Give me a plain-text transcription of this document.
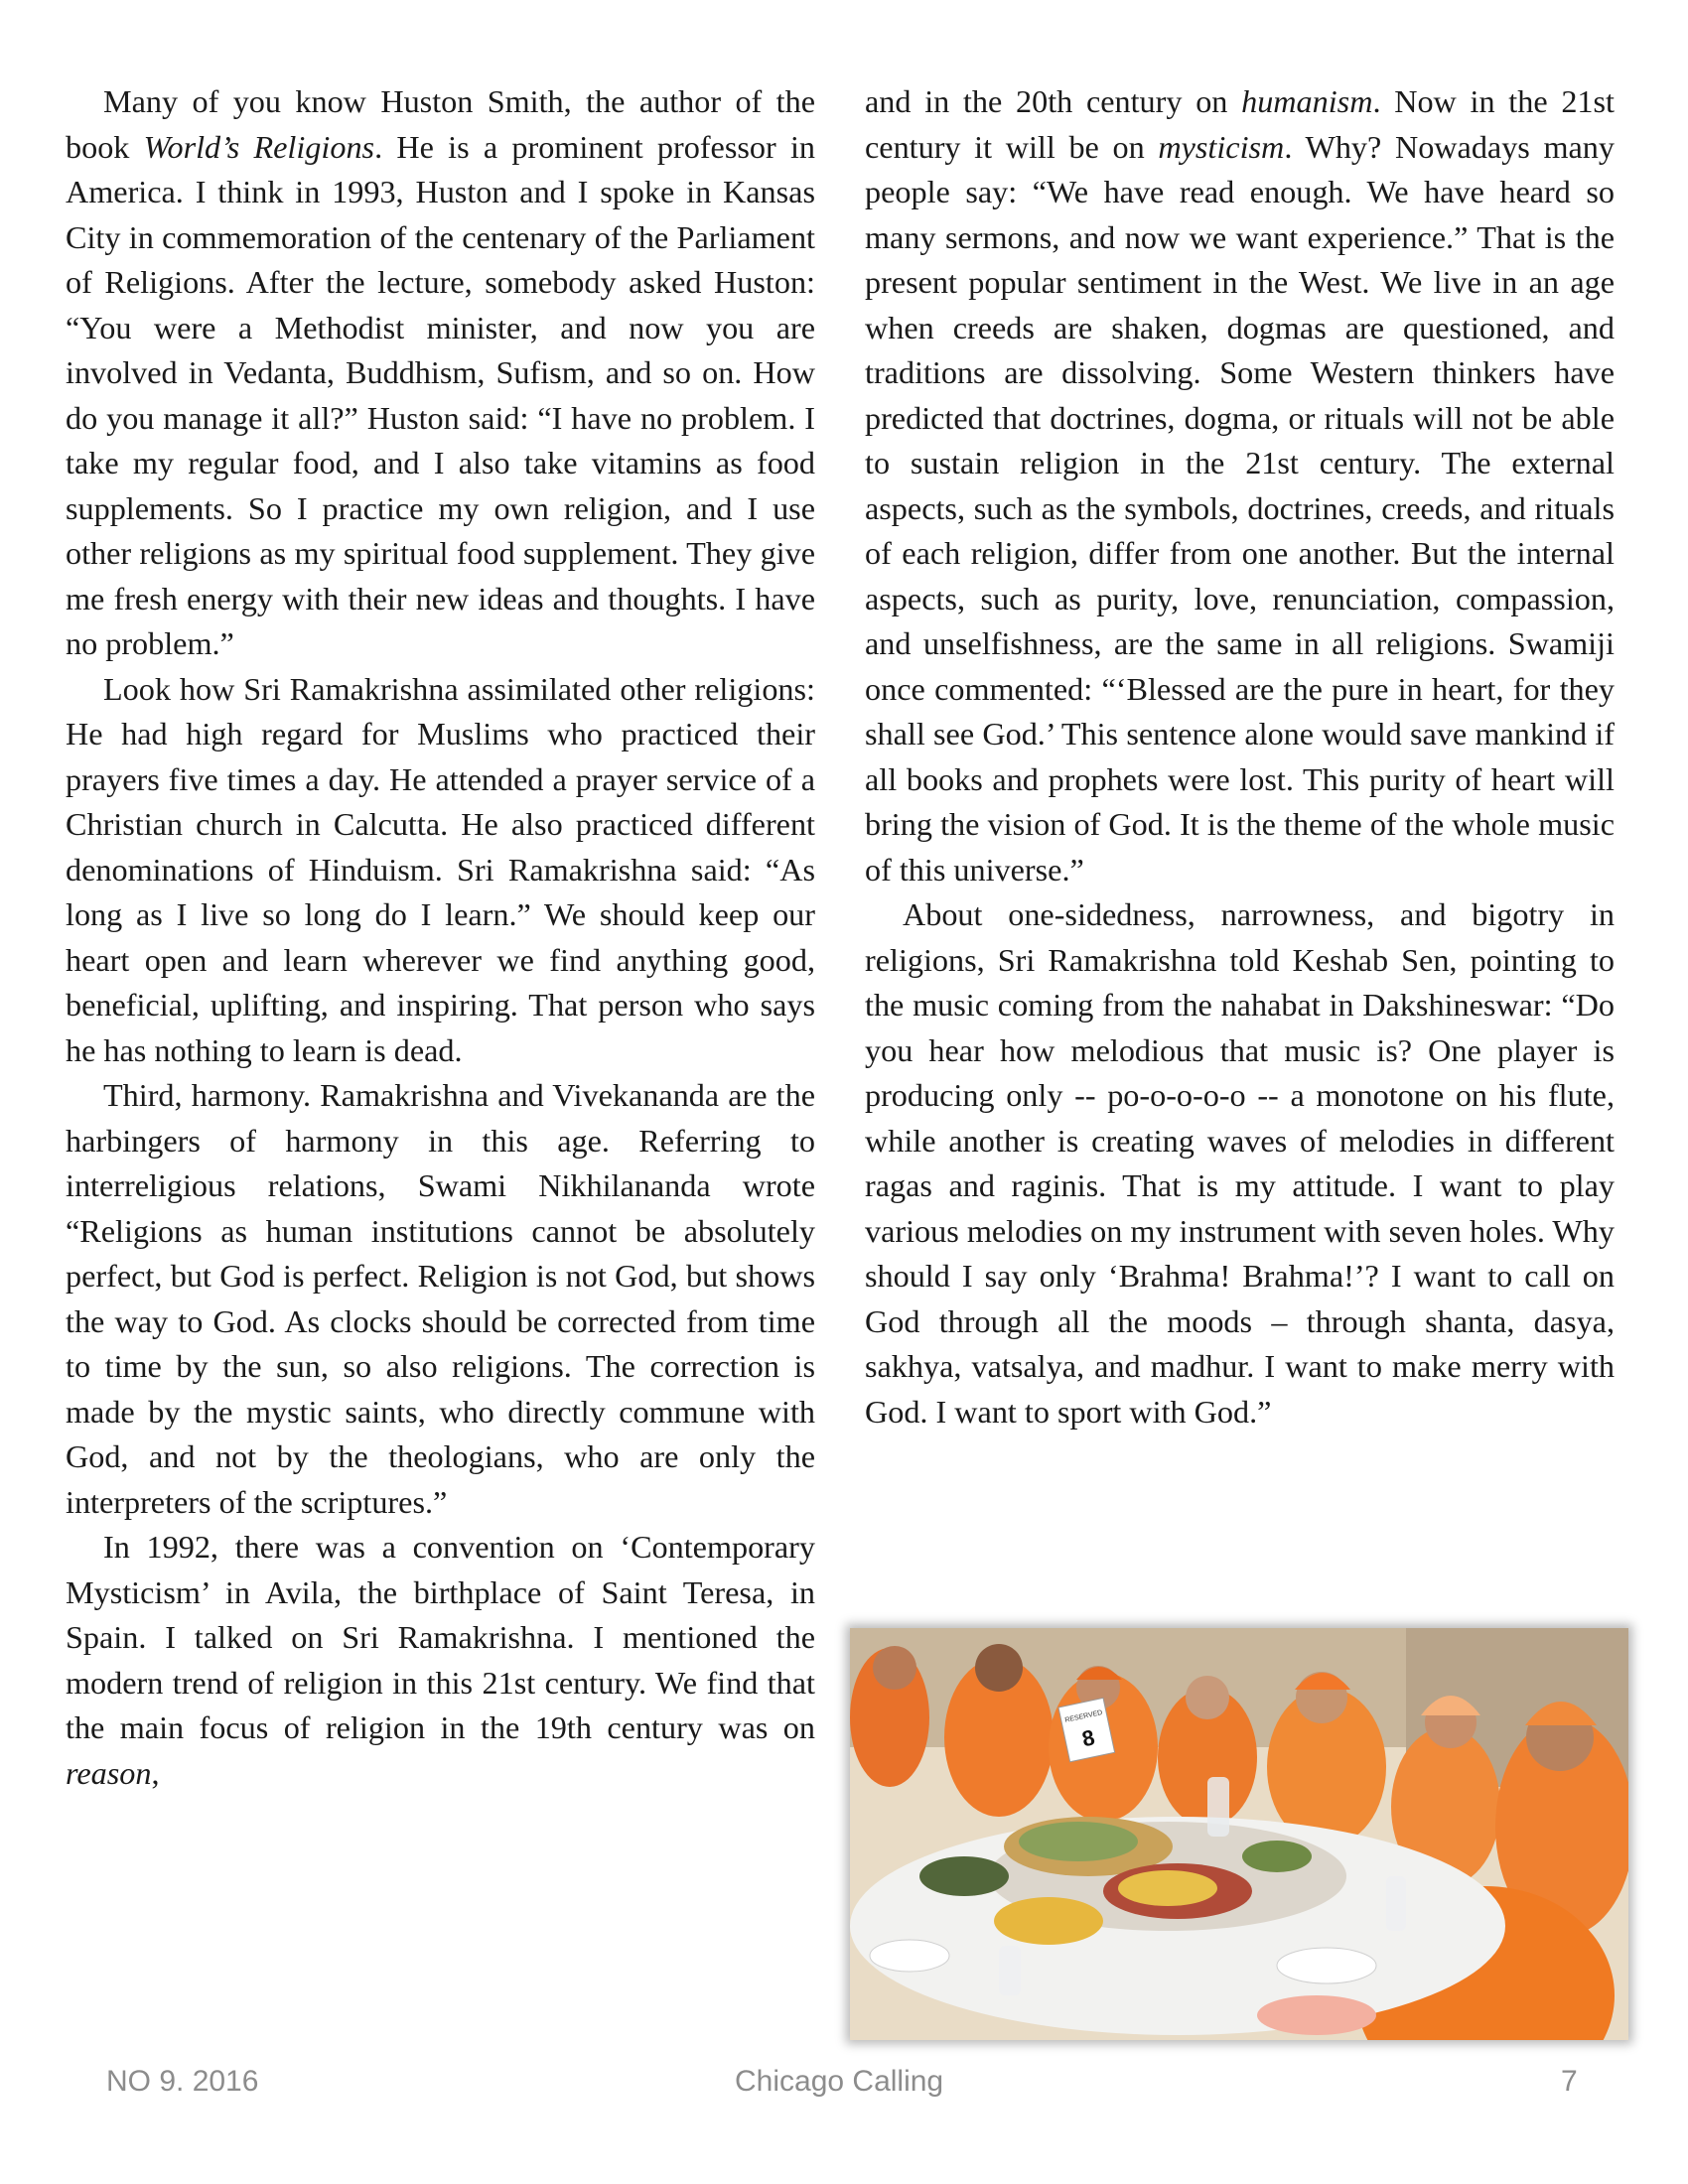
Many of you know Huston Smith, the author of the book World’s Religions. He is a prominent professor in America. I think in 1993, Huston and I spoke in Kansas City in commemoration of the centenary of the Parliament of Religions. After the lecture, somebody asked Huston: “You were a Methodist minister, and now you are involved in Vedanta, Buddhism, Sufism, and so on. How do you manage it all?” Huston said: “I have no problem. I take my regular food, and I also take vitamins as food supplements. So I practice my own religion, and I use other religions as my spiritual food supplement. They give me fresh energy with their new ideas and thoughts. I have no problem.”

Look how Sri Ramakrishna assimilated other religions: He had high regard for Muslims who practiced their prayers five times a day. He attended a prayer service of a Christian church in Calcutta. He also practiced different denominations of Hinduism. Sri Ramakrishna said: “As long as I live so long do I learn.” We should keep our heart open and learn wherever we find anything good, beneficial, uplifting, and inspiring. That person who says he has nothing to learn is dead.

Third, harmony. Ramakrishna and Vivekananda are the harbingers of harmony in this age. Referring to interreligious relations, Swami Nikhilananda wrote “Religions as human institutions cannot be absolutely perfect, but God is perfect. Religion is not God, but shows the way to God. As clocks should be corrected from time to time by the sun, so also religions. The correction is made by the mystic saints, who directly commune with God, and not by the theologians, who are only the interpreters of the scriptures.”

In 1992, there was a convention on ‘Contemporary Mysticism’ in Avila, the birthplace of Saint Teresa, in Spain. I talked on Sri Ramakrishna. I mentioned the modern trend of religion in this 21st century. We find that the main focus of religion in the 19th century was on reason,

and in the 20th century on humanism. Now in the 21st century it will be on mysticism. Why? Nowadays many people say: “We have read enough. We have heard so many sermons, and now we want experience.” That is the present popular sentiment in the West. We live in an age when creeds are shaken, dogmas are questioned, and traditions are dissolving. Some Western thinkers have predicted that doctrines, dogma, or rituals will not be able to sustain religion in the 21st century. The external aspects, such as the symbols, doctrines, creeds, and rituals of each religion, differ from one another. But the internal aspects, such as purity, love, renunciation, compassion, and unselfishness, are the same in all religions. Swamiji once commented: “‘Blessed are the pure in heart, for they shall see God.’ This sentence alone would save mankind if all books and prophets were lost. This purity of heart will bring the vision of God. It is the theme of the whole music of this universe.”

About one-sidedness, narrowness, and bigotry in religions, Sri Ramakrishna told Keshab Sen, pointing to the music coming from the nahabat in Dakshineswar: “Do you hear how melodious that music is? One player is producing only -- po-o-o-o-o -- a monotone on his flute, while another is creating waves of melodies in different ragas and raginis. That is my attitude. I want to play various melodies on my instrument with seven holes. Why should I say only ‘Brahma! Brahma!’? I want to call on God through all the moods – through shanta, dasya, sakhya, vatsalya, and madhur. I want to make merry with God. I want to sport with God.”

RESERVED
8
NO 9. 2016	Chicago Calling	7
